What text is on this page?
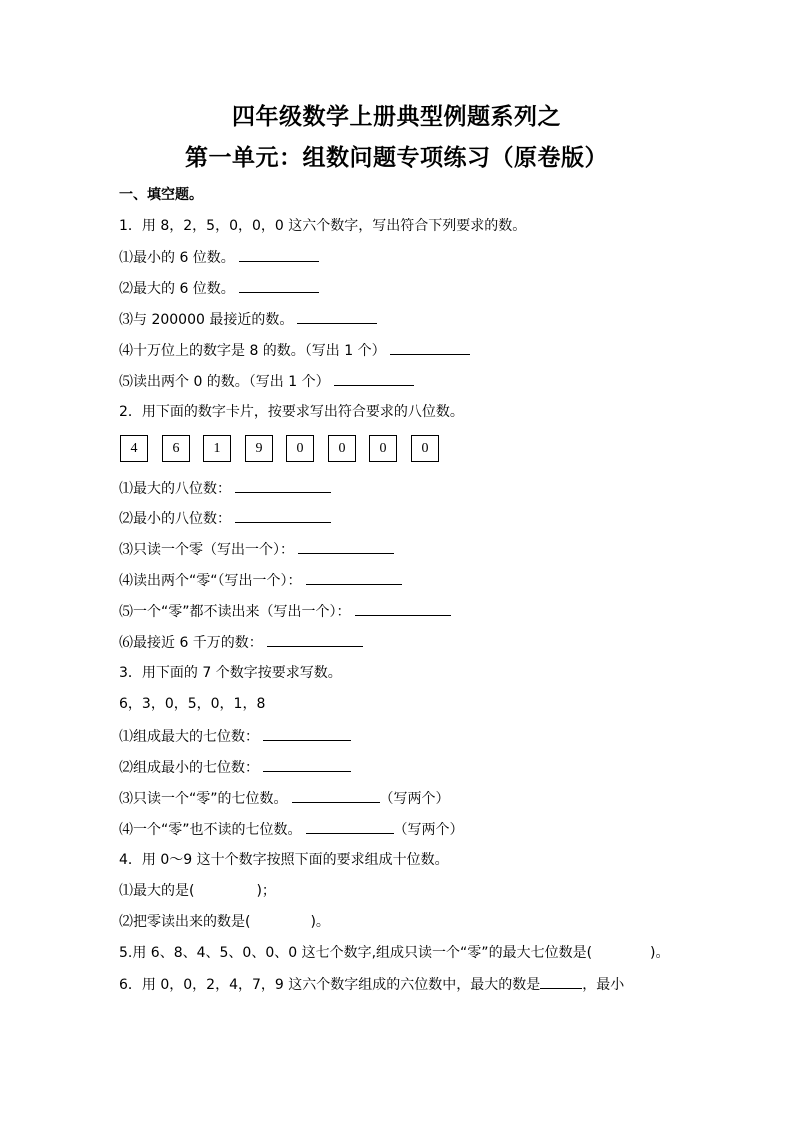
四年级数学上册典型例题系列之
第一单元：组数问题专项练习（原卷版）
一、填空题。
1．用 8，2，5，0，0，0 这六个数字，写出符合下列要求的数。
⑴最小的 6 位数。
⑵最大的 6 位数。
⑶与 200000 最接近的数。
⑷十万位上的数字是 8 的数。（写出 1 个）
⑸读出两个 0 的数。（写出 1 个）
2．用下面的数字卡片，按要求写出符合要求的八位数。
4	6	1	9	0	0	0	0
⑴最大的八位数：
⑵最小的八位数：
⑶只读一个零（写出一个）：
⑷读出两个“零“（写出一个）：
⑸一个“零”都不读出来（写出一个）：
⑹最接近 6 千万的数：
3．用下面的 7 个数字按要求写数。
6，3，0，5，0，1，8
⑴组成最大的七位数：
⑵组成最小的七位数：
⑶只读一个“零”的七位数。	（写两个）
⑷一个“零”也不读的七位数。	（写两个）
4．用 0～9 这十个数字按照下面的要求组成十位数。
⑴最大的是(	)；
⑵把零读出来的数是(	)。
5.用 6、8、4、5、0、0、0 这七个数字,组成只读一个“零”的最大七位数是(	)。
6．用 0，0，2，4，7，9 这六个数字组成的六位数中，最大的数是	，最小
